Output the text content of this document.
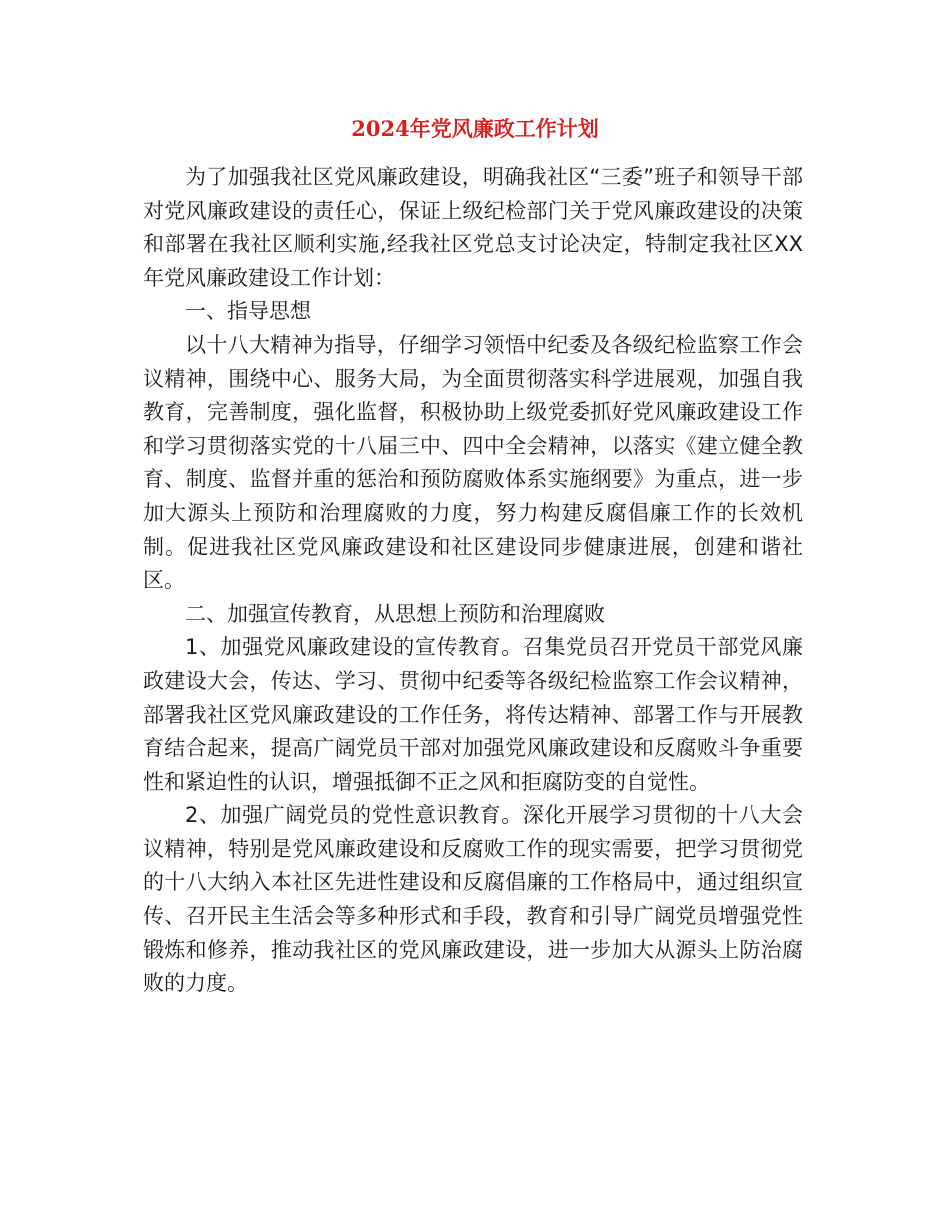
2024年党风廉政工作计划

为了加强我社区党风廉政建设，明确我社区“三委”班子和领导干部对党风廉政建设的责任心，保证上级纪检部门关于党风廉政建设的决策和部署在我社区顺利实施,经我社区党总支讨论决定，特制定我社区XX年党风廉政建设工作计划：

一、指导思想

以十八大精神为指导，仔细学习领悟中纪委及各级纪检监察工作会议精神，围绕中心、服务大局，为全面贯彻落实科学进展观，加强自我教育，完善制度，强化监督，积极协助上级党委抓好党风廉政建设工作和学习贯彻落实党的十八届三中、四中全会精神，以落实《建立健全教育、制度、监督并重的惩治和预防腐败体系实施纲要》为重点，进一步加大源头上预防和治理腐败的力度，努力构建反腐倡廉工作的长效机制。促进我社区党风廉政建设和社区建设同步健康进展，创建和谐社区。

二、加强宣传教育，从思想上预防和治理腐败

1、加强党风廉政建设的宣传教育。召集党员召开党员干部党风廉政建设大会，传达、学习、贯彻中纪委等各级纪检监察工作会议精神，部署我社区党风廉政建设的工作任务，将传达精神、部署工作与开展教育结合起来，提高广阔党员干部对加强党风廉政建设和反腐败斗争重要性和紧迫性的认识，增强抵御不正之风和拒腐防变的自觉性。

2、加强广阔党员的党性意识教育。深化开展学习贯彻的十八大会议精神，特别是党风廉政建设和反腐败工作的现实需要，把学习贯彻党的十八大纳入本社区先进性建设和反腐倡廉的工作格局中，通过组织宣传、召开民主生活会等多种形式和手段，教育和引导广阔党员增强党性锻炼和修养，推动我社区的党风廉政建设，进一步加大从源头上防治腐败的力度。
